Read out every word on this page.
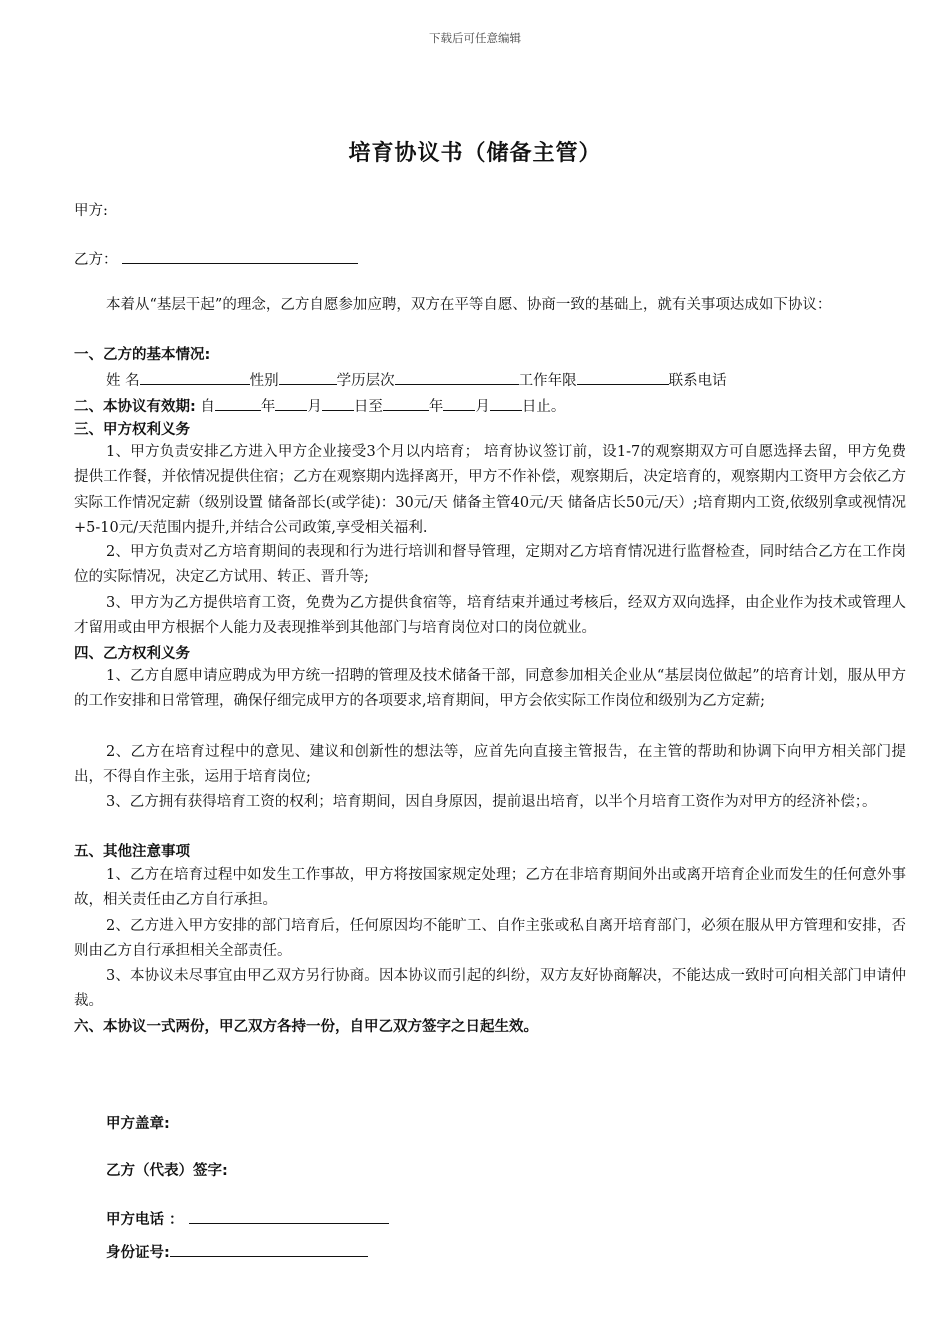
下载后可任意编辑
培育协议书（储备主管）
甲方:
乙方：
本着从“基层干起”的理念，乙方自愿参加应聘，双方在平等自愿、协商一致的基础上，就有关事项达成如下协议：
一、乙方的基本情况:
姓 名	性别	学历层次	工作年限	联系电话
二、本协议有效期: 自	年 月 日至	年 月 日止。
三、甲方权利义务
1、甲方负责安排乙方进入甲方企业接受3个月以内培育； 培育协议签订前，设1-7的观察期双方可自愿选择去留，甲方免费提供工作餐，并依情况提供住宿；乙方在观察期内选择离开，甲方不作补偿，观察期后，决定培育的，观察期内工资甲方会依乙方实际工作情况定薪（级别设置 储备部长(或学徒)：30元/天 储备主管40元/天 储备店长50元/天）;培育期内工资,依级别拿或视情况+5-10元/天范围内提升,并结合公司政策,享受相关福利.
2、甲方负责对乙方培育期间的表现和行为进行培训和督导管理，定期对乙方培育情况进行监督检查，同时结合乙方在工作岗位的实际情况，决定乙方试用、转正、晋升等;
3、甲方为乙方提供培育工资，免费为乙方提供食宿等，培育结束并通过考核后，经双方双向选择，由企业作为技术或管理人才留用或由甲方根据个人能力及表现推举到其他部门与培育岗位对口的岗位就业。
四、乙方权利义务
1、乙方自愿申请应聘成为甲方统一招聘的管理及技术储备干部，同意参加相关企业从“基层岗位做起”的培育计划，服从甲方的工作安排和日常管理，确保仔细完成甲方的各项要求,培育期间，甲方会依实际工作岗位和级别为乙方定薪;
2、乙方在培育过程中的意见、建议和创新性的想法等，应首先向直接主管报告，在主管的帮助和协调下向甲方相关部门提出，不得自作主张，运用于培育岗位;
3、乙方拥有获得培育工资的权利；培育期间，因自身原因，提前退出培育，以半个月培育工资作为对甲方的经济补偿；。
五、其他注意事项
1、乙方在培育过程中如发生工作事故，甲方将按国家规定处理；乙方在非培育期间外出或离开培育企业而发生的任何意外事故，相关责任由乙方自行承担。
2、乙方进入甲方安排的部门培育后，任何原因均不能旷工、自作主张或私自离开培育部门，必须在服从甲方管理和安排，否则由乙方自行承担相关全部责任。
3、本协议未尽事宜由甲乙双方另行协商。因本协议而引起的纠纷，双方友好协商解决，不能达成一致时可向相关部门申请仲裁。
六、本协议一式两份，甲乙双方各持一份，自甲乙双方签字之日起生效。
甲方盖章:
乙方（代表）签字:
甲方电话 ：
身份证号:
